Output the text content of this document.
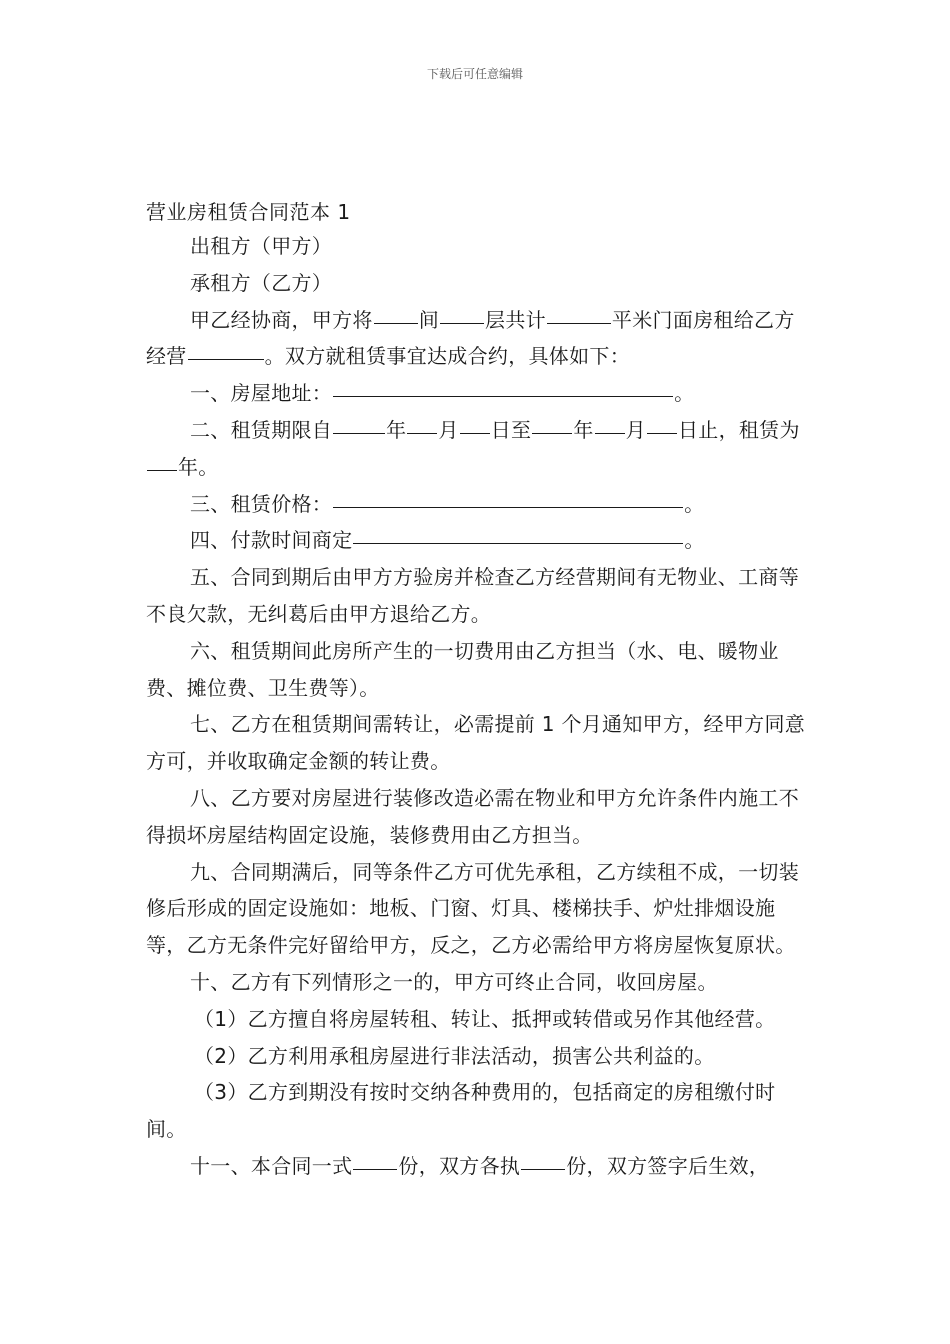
下载后可任意编辑
营业房租赁合同范本 1

出租方（甲方）

承租方（乙方）

甲乙经协商，甲方将 间 层共计	平米门面房租给乙方经营	。双方就租赁事宜达成合约，具体如下：

一、房屋地址：	。

二、租赁期限自	年 月 日至 年 月 日止，租赁为年。

三、租赁价格：	。

四、付款时间商定	。

五、合同到期后由甲方方验房并检查乙方经营期间有无物业、工商等不良欠款，无纠葛后由甲方退给乙方。

六、租赁期间此房所产生的一切费用由乙方担当（水、电、暖物业费、摊位费、卫生费等）。

七、乙方在租赁期间需转让，必需提前 1 个月通知甲方，经甲方同意方可，并收取确定金额的转让费。

八、乙方要对房屋进行装修改造必需在物业和甲方允许条件内施工不得损坏房屋结构固定设施，装修费用由乙方担当。

九、合同期满后，同等条件乙方可优先承租，乙方续租不成，一切装修后形成的固定设施如：地板、门窗、灯具、楼梯扶手、炉灶排烟设施等，乙方无条件完好留给甲方，反之，乙方必需给甲方将房屋恢复原状。

十、乙方有下列情形之一的，甲方可终止合同，收回房屋。

（1）乙方擅自将房屋转租、转让、抵押或转借或另作其他经营。

（2）乙方利用承租房屋进行非法活动，损害公共利益的。

（3）乙方到期没有按时交纳各种费用的，包括商定的房租缴付时间。

十一、本合同一式 份，双方各执 份，双方签字后生效，
